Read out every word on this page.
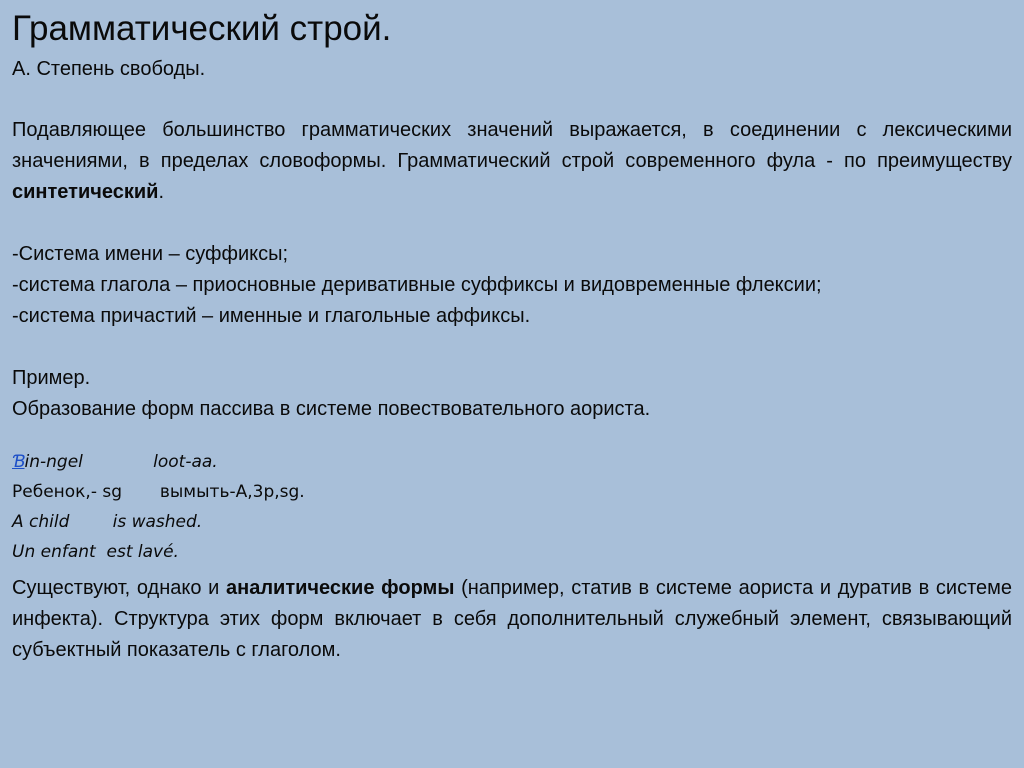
Грамматический строй.

А. Степень свободы.

Подавляющее большинство грамматических значений выражается, в соединении с лексическими значениями, в пределах словоформы. Грамматический строй современного фула - по преимуществу синтетический.

-Система имени – суффиксы;

-система глагола – приосновные деривативные суффиксы и видовременные флексии;

-система причастий – именные и глагольные аффиксы.

Пример.

Образование форм пассива в системе повествовательного аориста.

Ɓin-ngel             loot-aa.

Ребенок,- sg       вымыть-А,3p,sg.

A child        is washed.

Un enfant  est lavé.

Существуют, однако и аналитические формы (например, статив в системе аориста и дуратив в системе инфекта). Структура этих форм включает в себя дополнительный служебный элемент, связывающий субъектный показатель с глаголом.
